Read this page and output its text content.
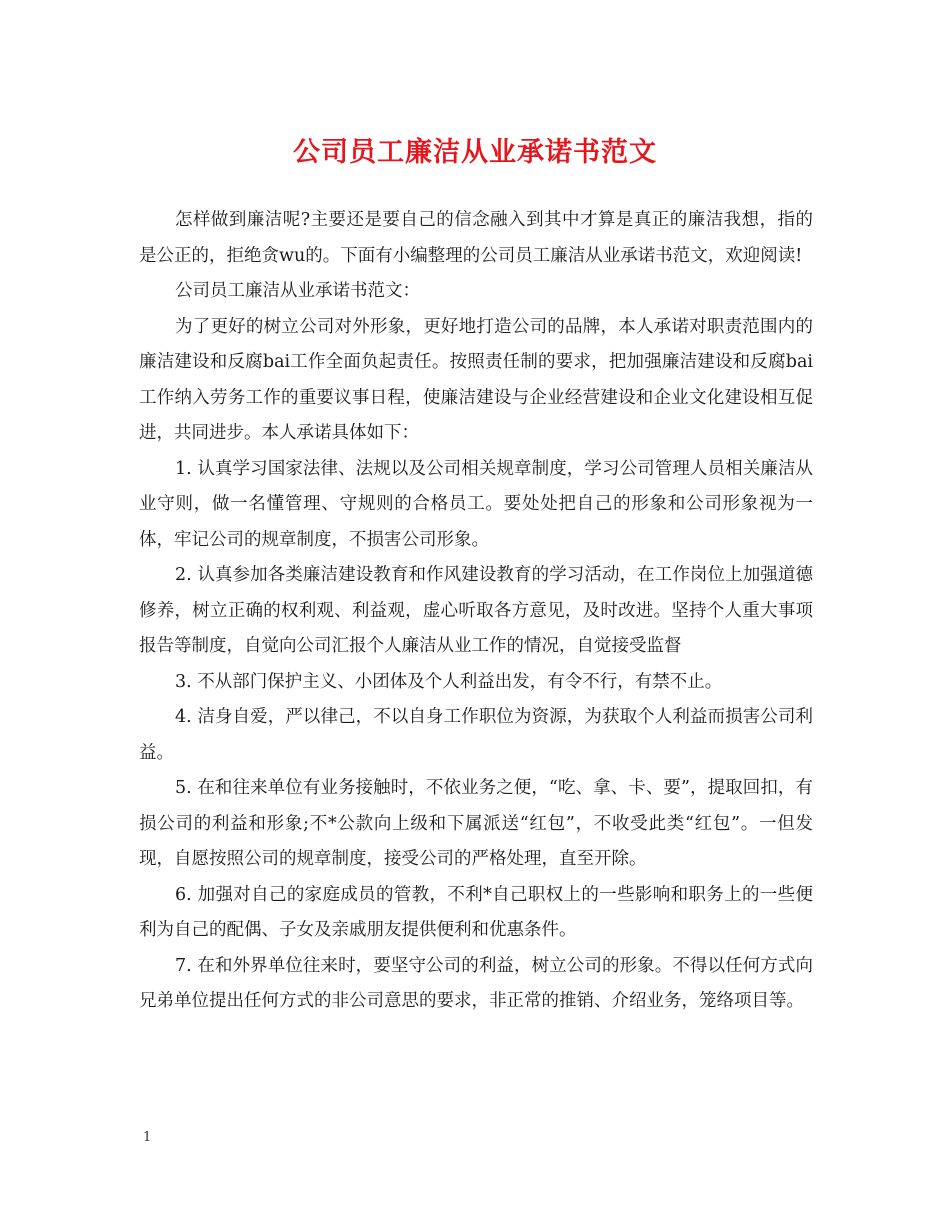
公司员工廉洁从业承诺书范文

怎样做到廉洁呢?主要还是要自己的信念融入到其中才算是真正的廉洁我想，指的是公正的，拒绝贪wu的。下面有小编整理的公司员工廉洁从业承诺书范文，欢迎阅读!

公司员工廉洁从业承诺书范文：

为了更好的树立公司对外形象，更好地打造公司的品牌，本人承诺对职责范围内的廉洁建设和反腐bai工作全面负起责任。按照责任制的要求，把加强廉洁建设和反腐bai工作纳入劳务工作的重要议事日程，使廉洁建设与企业经营建设和企业文化建设相互促进，共同进步。本人承诺具体如下：

1. 认真学习国家法律、法规以及公司相关规章制度，学习公司管理人员相关廉洁从业守则，做一名懂管理、守规则的合格员工。要处处把自己的形象和公司形象视为一体，牢记公司的规章制度，不损害公司形象。

2. 认真参加各类廉洁建设教育和作风建设教育的学习活动，在工作岗位上加强道德修养，树立正确的权利观、利益观，虚心听取各方意见，及时改进。坚持个人重大事项报告等制度，自觉向公司汇报个人廉洁从业工作的情况，自觉接受监督

3. 不从部门保护主义、小团体及个人利益出发，有令不行，有禁不止。

4. 洁身自爱，严以律己，不以自身工作职位为资源，为获取个人利益而损害公司利益。

5. 在和往来单位有业务接触时，不依业务之便，“吃、拿、卡、要”，提取回扣，有损公司的利益和形象;不*公款向上级和下属派送“红包”，不收受此类“红包”。一但发现，自愿按照公司的规章制度，接受公司的严格处理，直至开除。

6. 加强对自己的家庭成员的管教，不利*自己职权上的一些影响和职务上的一些便利为自己的配偶、子女及亲戚朋友提供便利和优惠条件。

7. 在和外界单位往来时，要坚守公司的利益，树立公司的形象。不得以任何方式向兄弟单位提出任何方式的非公司意思的要求，非正常的推销、介绍业务，笼络项目等。

1
